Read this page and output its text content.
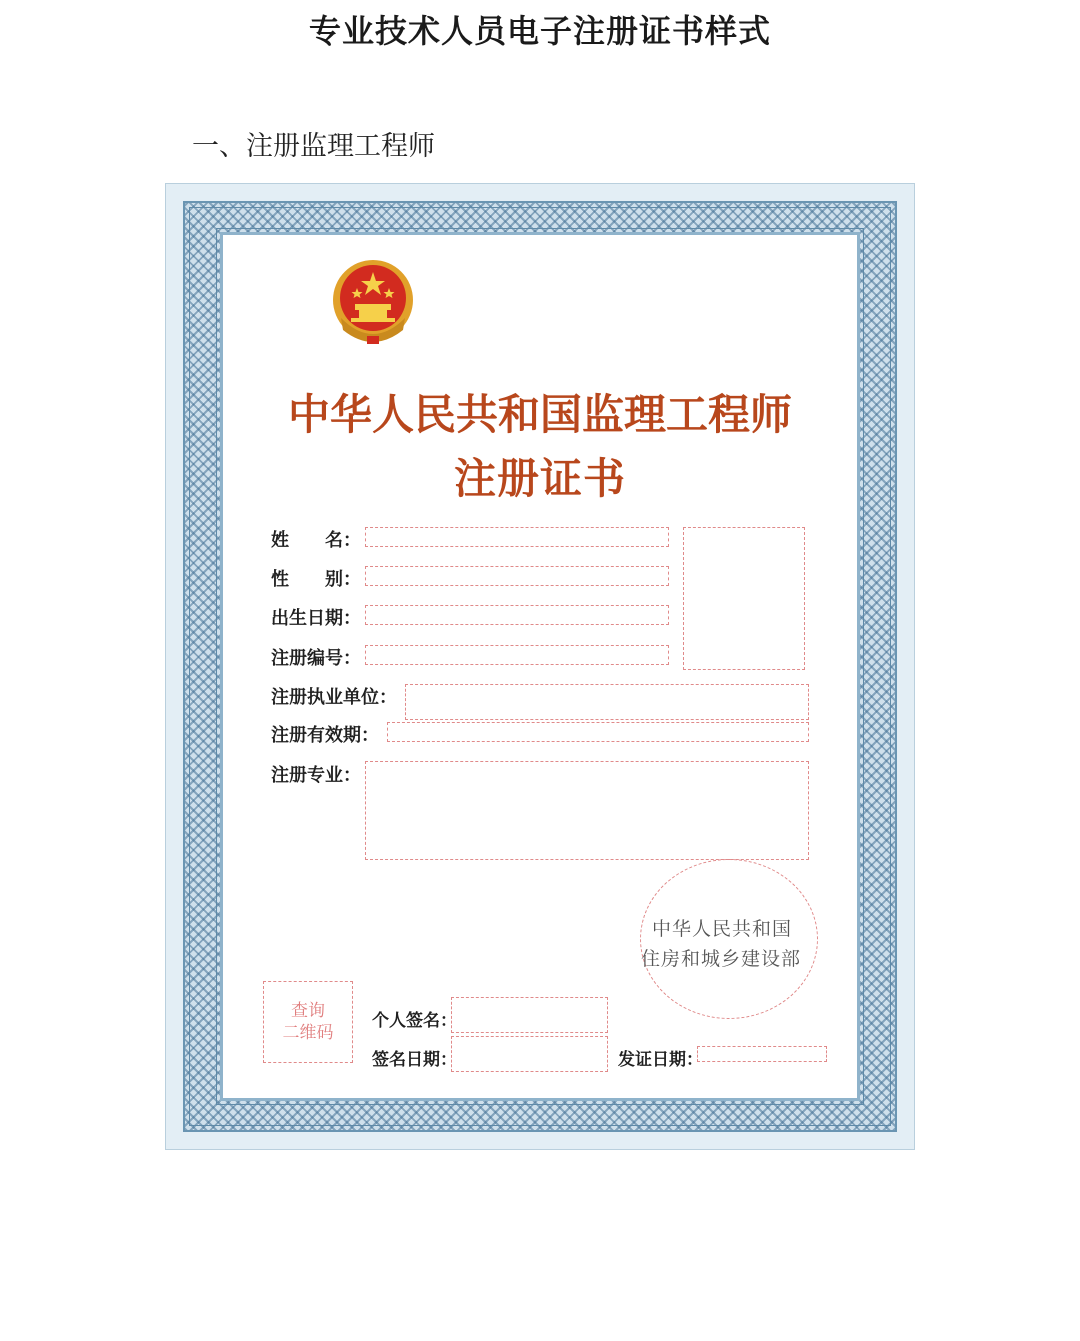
专业技术人员电子注册证书样式
一、注册监理工程师
中华人民共和国监理工程师
注册证书
姓　　名：
性　　别：
出生日期：
注册编号：
注册执业单位：
注册有效期：
注册专业：
中华人民共和国
住房和城乡建设部
查询
二维码
个人签名：
签名日期：	发证日期：
